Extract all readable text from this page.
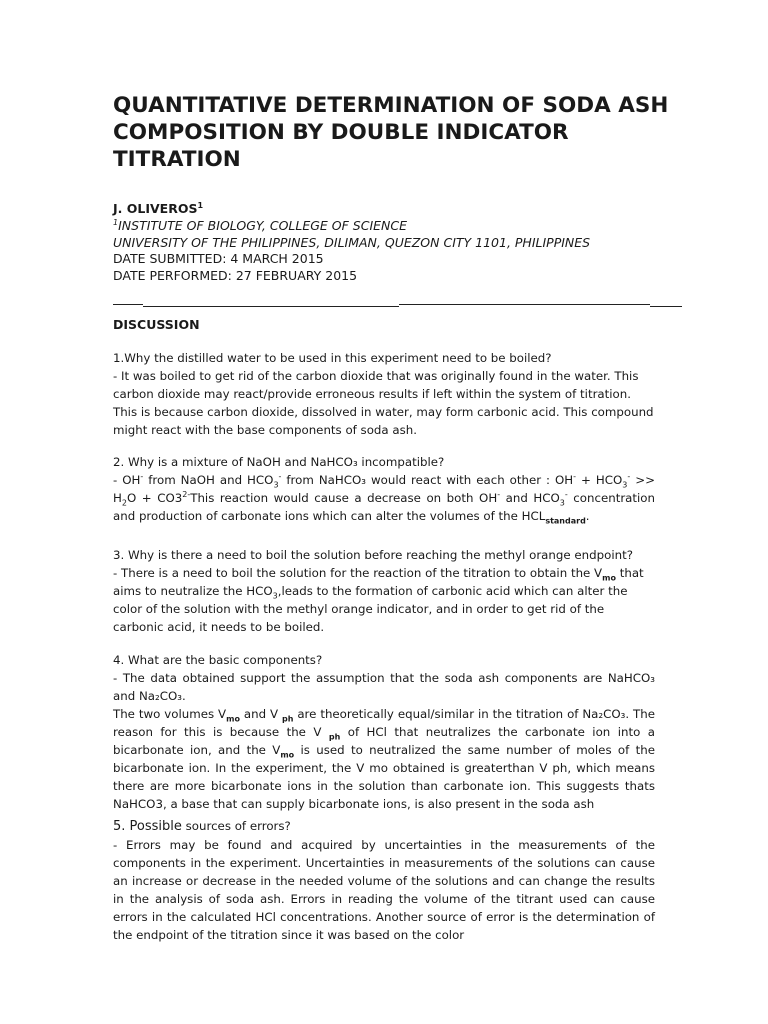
QUANTITATIVE DETERMINATION OF SODA ASH COMPOSITION BY DOUBLE INDICATOR TITRATION
J. OLIVEROS$^1$
$^1$INSTITUTE OF BIOLOGY, COLLEGE OF SCIENCE
UNIVERSITY OF THE PHILIPPINES, DILIMAN, QUEZON CITY 1101, PHILIPPINES
DATE SUBMITTED: 4 MARCH 2015
DATE PERFORMED: 27 FEBRUARY 2015
DISCUSSION

1.Why the distilled water to be used in this experiment need to be boiled?

- It was boiled to get rid of the carbon dioxide that was originally found in the water. This carbon dioxide may react/provide erroneous results if left within the system of titration. This is because carbon dioxide, dissolved in water, may form carbonic acid. This compound might react with the base components of soda ash.

2. Why is a mixture of NaOH and NaHCO₃ incompatible?

- OH- from NaOH and $HCO_3^-$ from NaHCO₃ would react with each other : $OH^- + HCO_3^- >> H_2O$ + $CO3^{2-}This$ reaction would cause a decrease on both OH- and $HCO_3^-$ concentration and production of carbonate ions which can alter the volumes of the $HCL_{standard}$.

3. Why is there a need to boil the solution before reaching the methyl orange endpoint?

- There is a need to boil the solution for the reaction of the titration to obtain the $V_{mo}$ that aims to neutralize the $HCO_3,leads$ to the formation of carbonic acid which can alter the color of the solution with the methyl orange indicator, and in order to get rid of the carbonic acid, it needs to be boiled.

4. What are the basic components?

- The data obtained support the assumption that the soda ash components are NaHCO₃ and Na₂CO₃.

The two volumes $V_{mo}$ and V $_{ph}$ are theoretically equal/similar in the titration of Na₂CO₃. The reason for this is because the V $_{ph}$ of HCl that neutralizes the carbonate ion into a bicarbonate ion, and the $V_{mo}$ is used to neutralized the same number of moles of the bicarbonate ion. In the experiment, the V mo obtained is greaterthan V ph, which means there are more bicarbonate ions in the solution than carbonate ion. This suggests thats NaHCO3, a base that can supply bicarbonate ions, is also present in the soda ash

5. Possible sources of errors?

- Errors may be found and acquired by uncertainties in the measurements of the components in the experiment. Uncertainties in measurements of the solutions can cause an increase or decrease in the needed volume of the solutions and can change the results in the analysis of soda ash. Errors in reading the volume of the titrant used can cause errors in the calculated HCl concentrations. Another source of error is the determination of the endpoint of the titration since it was based on the color
